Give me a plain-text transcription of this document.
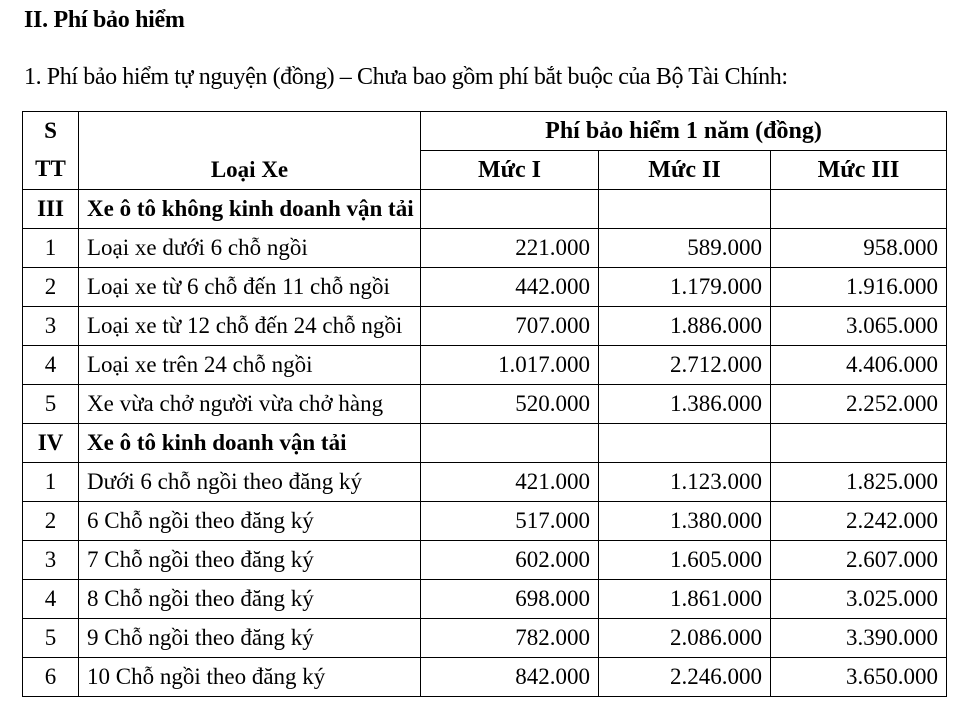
II. Phí bảo hiểm
1. Phí bảo hiểm tự nguyện (đồng) – Chưa bao gồm phí bắt buộc của Bộ Tài Chính:
S
TT	Loại Xe	Phí bảo hiểm 1 năm (đồng)		
		Mức I	Mức II	Mức III
III	Xe ô tô không kinh doanh vận tải			
1	Loại xe dưới 6 chỗ ngồi	221.000	589.000	958.000
2	Loại xe từ 6 chỗ đến 11 chỗ ngồi	442.000	1.179.000	1.916.000
3	Loại xe từ 12 chỗ đến 24 chỗ ngồi	707.000	1.886.000	3.065.000
4	Loại xe trên 24 chỗ ngồi	1.017.000	2.712.000	4.406.000
5	Xe vừa chở người vừa chở hàng	520.000	1.386.000	2.252.000
IV	Xe ô tô kinh doanh vận tải			
1	Dưới 6 chỗ ngồi theo đăng ký	421.000	1.123.000	1.825.000
2	6 Chỗ ngồi theo đăng ký	517.000	1.380.000	2.242.000
3	7 Chỗ ngồi theo đăng ký	602.000	1.605.000	2.607.000
4	8 Chỗ ngồi theo đăng ký	698.000	1.861.000	3.025.000
5	9 Chỗ ngồi theo đăng ký	782.000	2.086.000	3.390.000
6	10 Chỗ ngồi theo đăng ký	842.000	2.246.000	3.650.000
